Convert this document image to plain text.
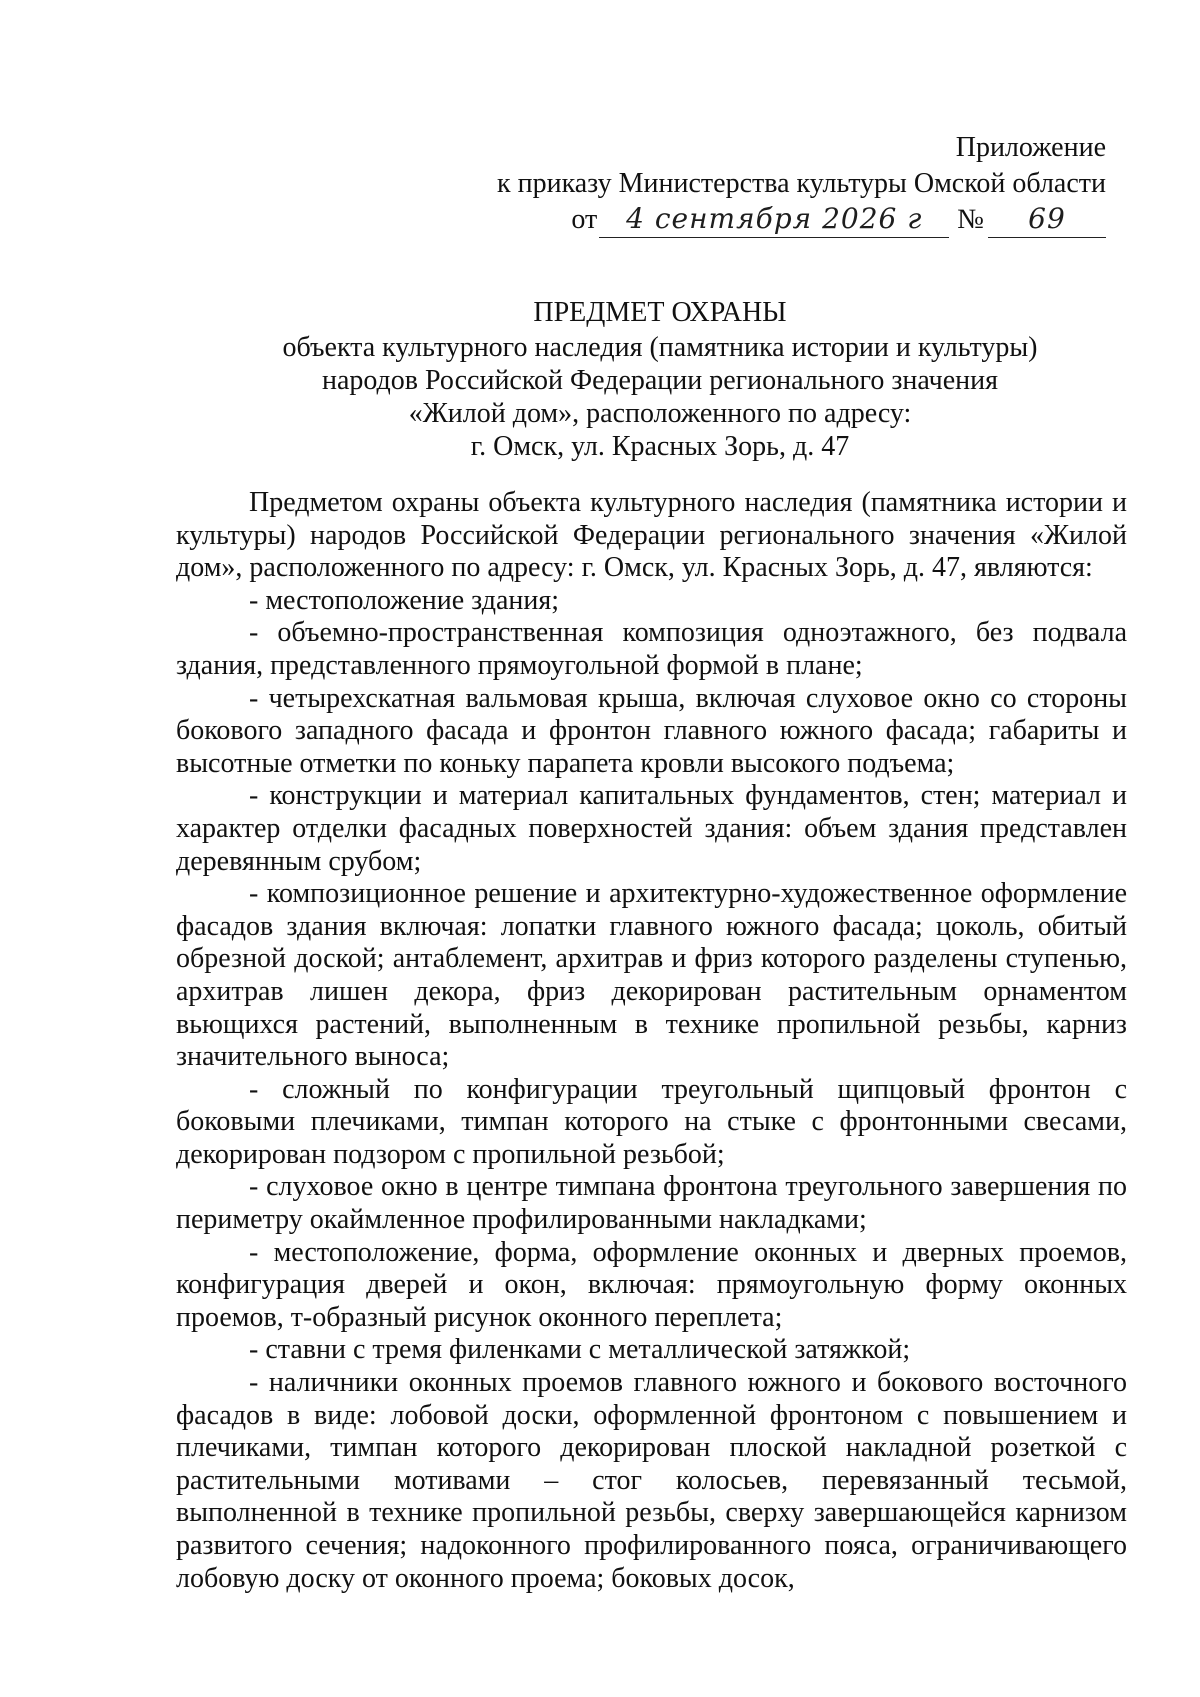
Приложение
к приказу Министерства культуры Омской области
от 4 сентября 2026 г № 69
ПРЕДМЕТ ОХРАНЫ
объекта культурного наследия (памятника истории и культуры)
народов Российской Федерации регионального значения
«Жилой дом», расположенного по адресу:
г. Омск, ул. Красных Зорь, д. 47

Предметом охраны объекта культурного наследия (памятника истории и культуры) народов Российской Федерации регионального значения «Жилой дом», расположенного по адресу: г. Омск, ул. Красных Зорь, д. 47, являются:

- местоположение здания;

- объемно-пространственная композиция одноэтажного, без подвала здания, представленного прямоугольной формой в плане;

- четырехскатная вальмовая крыша, включая слуховое окно со стороны бокового западного фасада и фронтон главного южного фасада; габариты и высотные отметки по коньку парапета кровли высокого подъема;

- конструкции и материал капитальных фундаментов, стен; материал и характер отделки фасадных поверхностей здания: объем здания представлен деревянным срубом;

- композиционное решение и архитектурно-художественное оформление фасадов здания включая: лопатки главного южного фасада; цоколь, обитый обрезной доской; антаблемент, архитрав и фриз которого разделены ступенью, архитрав лишен декора, фриз декорирован растительным орнаментом вьющихся растений, выполненным в технике пропильной резьбы, карниз значительного выноса;

- сложный по конфигурации треугольный щипцовый фронтон с боковыми плечиками, тимпан которого на стыке с фронтонными свесами, декорирован подзором с пропильной резьбой;

- слуховое окно в центре тимпана фронтона треугольного завершения по периметру окаймленное профилированными накладками;

- местоположение, форма, оформление оконных и дверных проемов, конфигурация дверей и окон, включая: прямоугольную форму оконных проемов, т-образный рисунок оконного переплета;

- ставни с тремя филенками с металлической затяжкой;

- наличники оконных проемов главного южного и бокового восточного фасадов в виде: лобовой доски, оформленной фронтоном с повышением и плечиками, тимпан которого декорирован плоской накладной розеткой с растительными мотивами – стог колосьев, перевязанный тесьмой, выполненной в технике пропильной резьбы, сверху завершающейся карнизом развитого сечения; надоконного профилированного пояса, ограничивающего лобовую доску от оконного проема; боковых досок,
